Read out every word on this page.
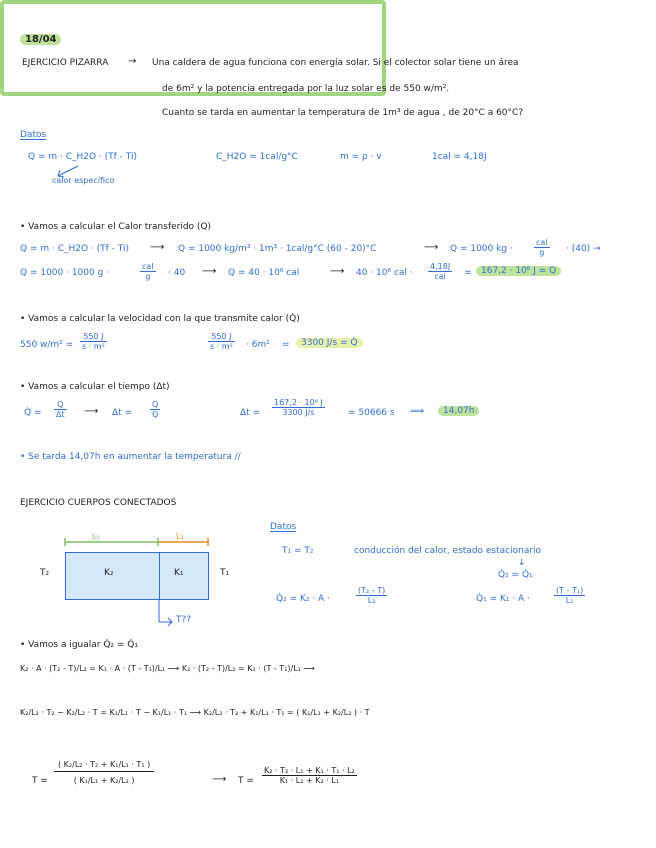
18/04
EJERCICIO PIZARRA → Una caldera de agua funciona con energía solar. Si el colector solar tiene un área
de 6m² y la potencia entregada por la luz solar es de 550 w/m².
Cuanto se tarda en aumentar la temperatura de 1m³ de agua , de 20°C a 60°C?
Datos
Q = m · C_H2O · (Tf - Ti)
calor específico
C_H2O = 1cal/g°C	m = ρ · v	1cal = 4,18J
• Vamos a calcular el Calor transferido (Q)
Q = m · C_H2O · (Tf - Ti) ⟶ Q = 1000 kg/m³ · 1m³ · 1cal/g°C (60 - 20)°C	⟶ Q = 1000 kg ·	$\frac{\text{cal}}{g} \cdot (40)$ →
Q = 1000 · 1000 g ·	$\frac{\text{cal}}{g} \cdot 40$ ⟶ Q = 40 · 10⁶ cal	⟶ 40 · 10⁶ cal · $\frac{4,18J}{\text{cal}}$ =	167,2 · 10⁶ J = Q
• Vamos a calcular la velocidad con la que transmite calor (Q̇)
550 $w/m^2 = \frac{550 J}{\text{s · m²}}$	$\frac{550 J}{\text{s · m²}} \cdot 6m^2$ =	3300 J/s = Q̇
• Vamos a calcular el tiempo (Δt)
Q̇ = $\frac{Q}{\Delta t}$ ⟶ $\Delta t = \frac{Q}{Q̇}$	$\Delta t = \frac{\text{167,2 · 10⁶ J}}{3300 J/s}$	= 50666 s ⟹	14,07h
• Se tarda 14,07h en aumentar la temperatura //
EJERCICIO CUERPOS CONECTADOS
L₂	L₁
K₂	K₁
T₂	T₁
T??
Datos
T₁ = T₂	conducción del calor, estado estacionario
↓
Q̇₂ = Q̇₁
Q̇₂ = K₂ · A ·	$\frac{\text{(T₂ - T)}}{\text{L₂}}$	Q̇₁ = K₁ · A ·	$\frac{\text{(T - T₁)}}{\text{L₁}}$
• Vamos a igualar Q̇₂ = Q̇₁
K₂ · A · (T₂ - T)/L₂ = K₁ · A · (T - T₁)/L₁ ⟶ K₂ · (T₂ - T)/L₂ = K₁ · (T - T₁)/L₁ ⟶
K₂/L₂ · T₂ − K₂/L₂ · T = K₁/L₁ · T − K₁/L₁ · T₁ ⟶ K₂/L₂ · T₂ + K₁/L₁ · T₁ = ( K₁/L₁ + K₂/L₂ ) · T
$T = \frac{\text{( K₂/L₂ · T₂ + K₁/L₁ · T₁ )}}{\text{( K₁/L₁ + K₂/L₂ )}}$	⟶ $T = \frac{\text{K₂ · T₂ · L₁ + K₁ · T₁ · L₂}}{\text{K₁ · L₂ + K₂ · L₁}}$
